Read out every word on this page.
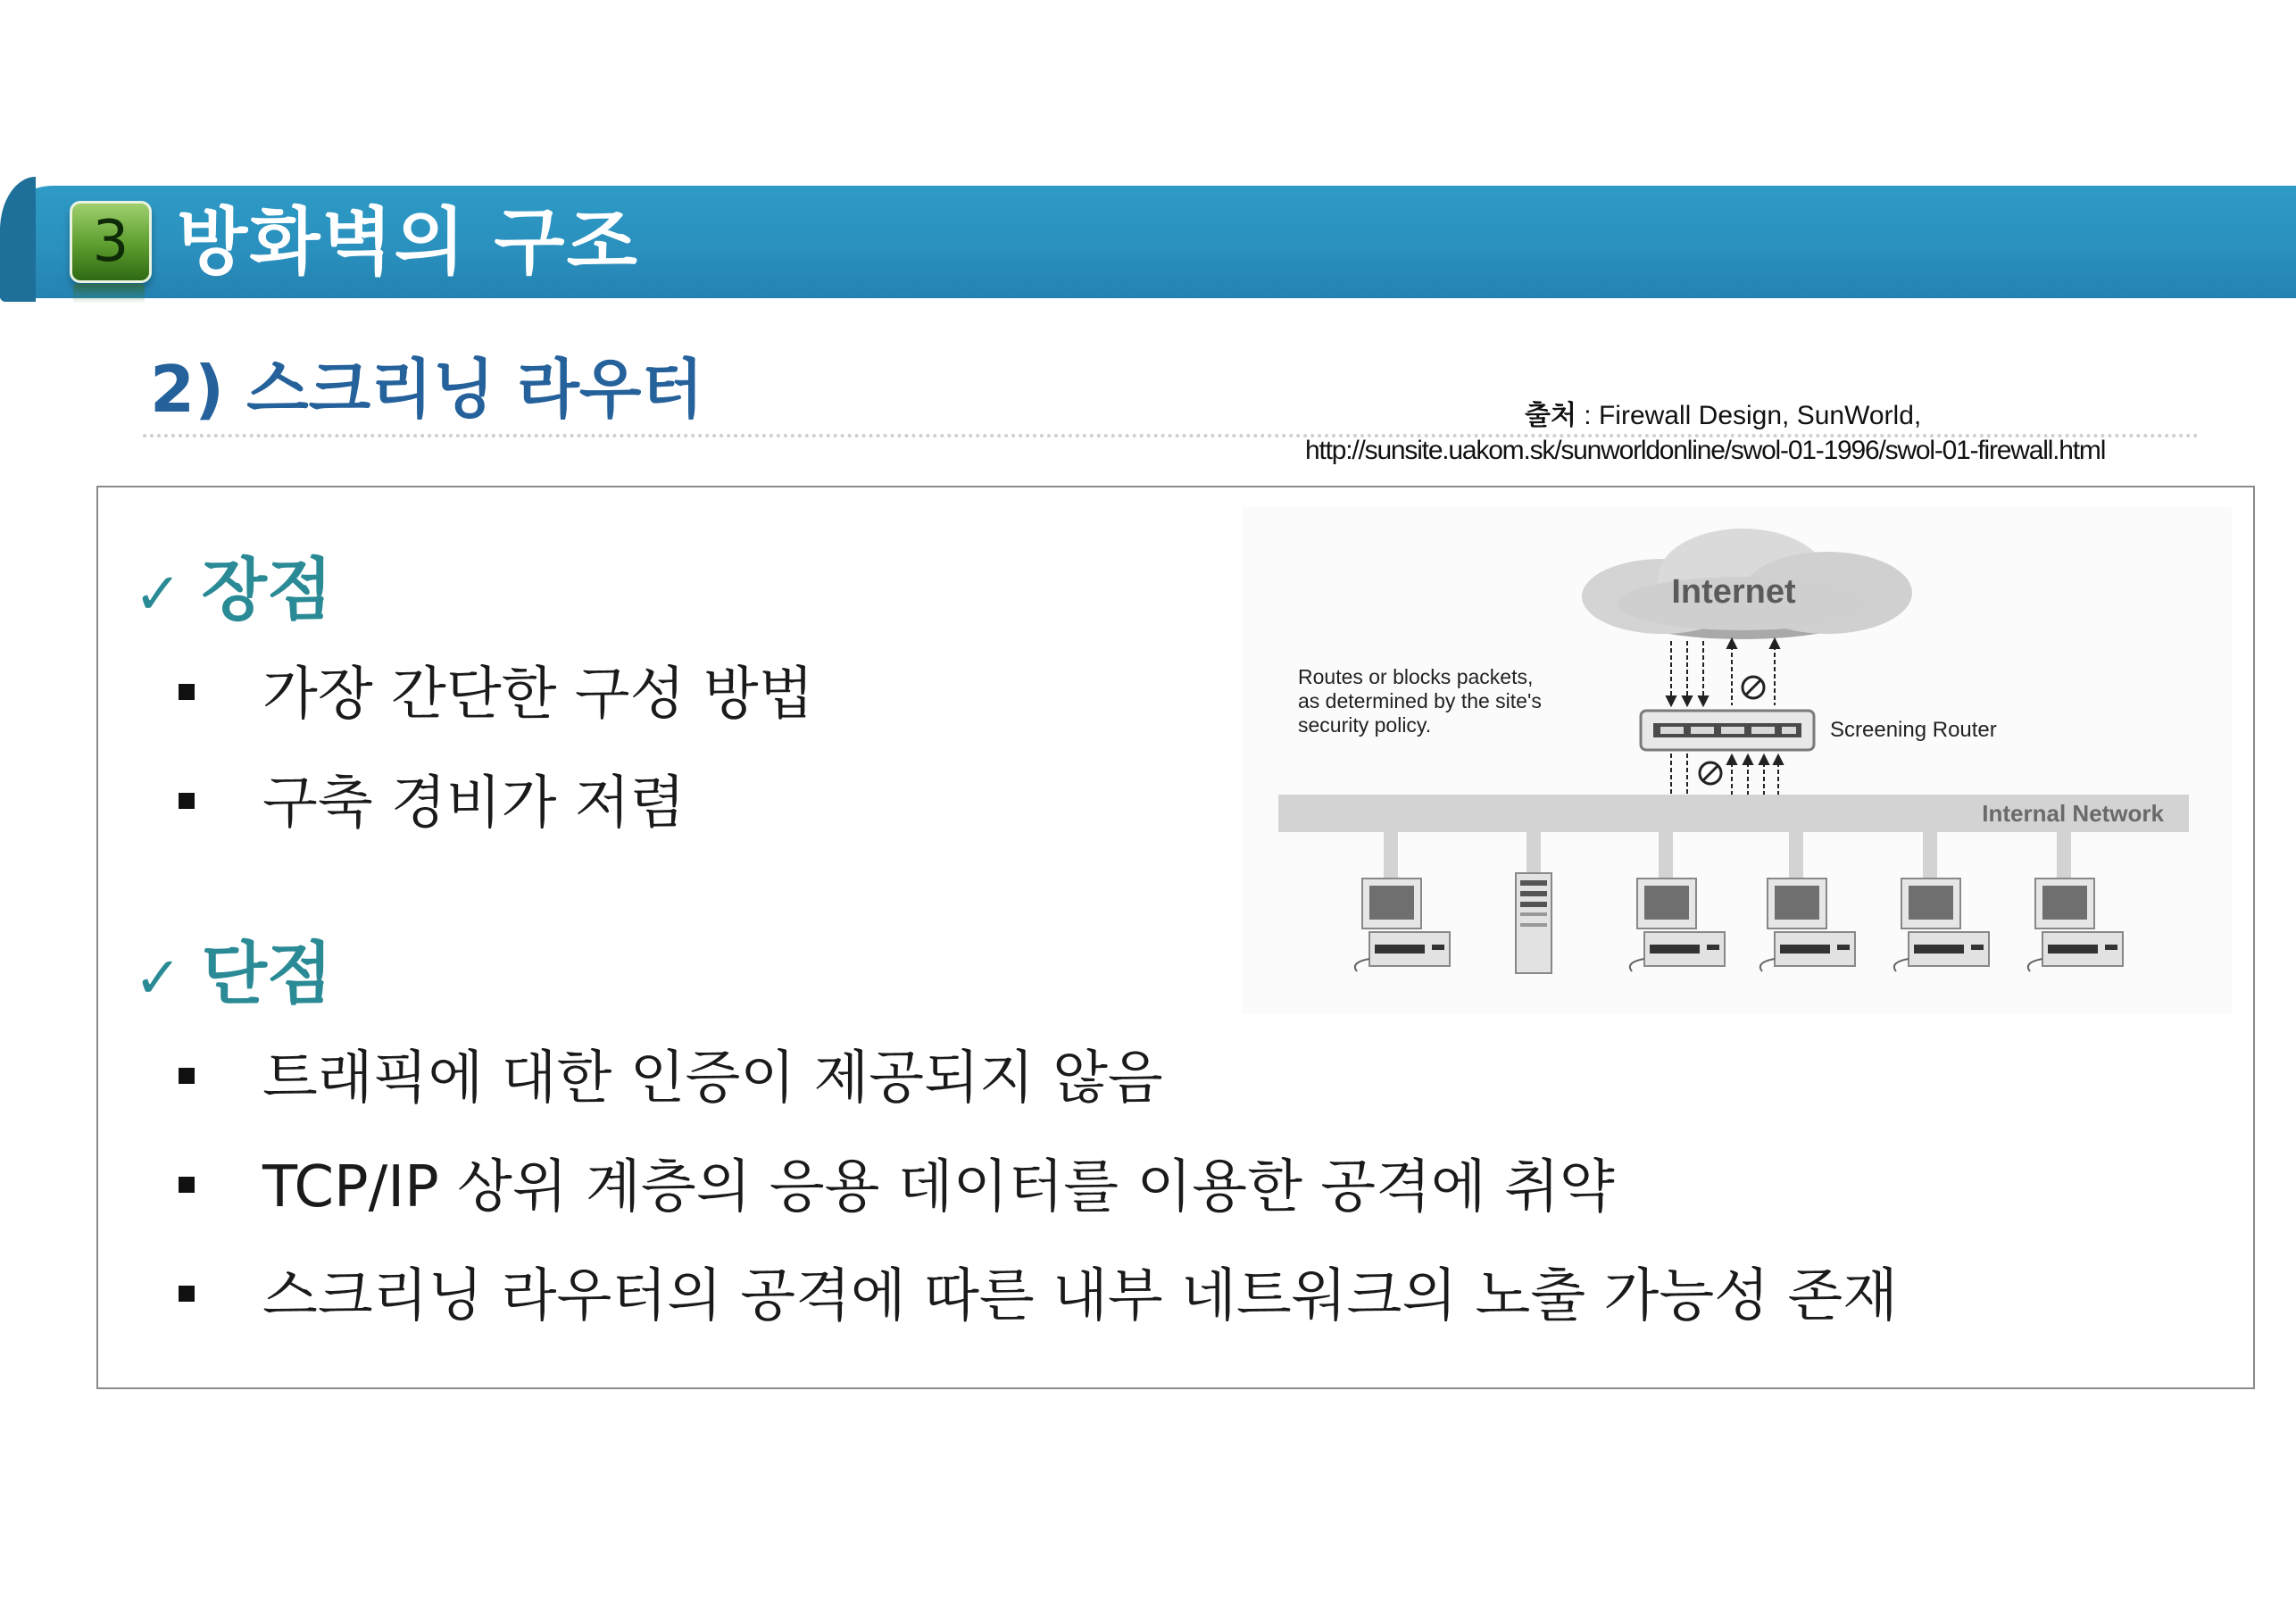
3 방화벽의 구조
2) 스크리닝 라우터	출처 : Firewall Design, SunWorld,
http://sunsite.uakom.sk/sunworldonline/swol-01-1996/swol-01-firewall.html
✓ 장점
가장 간단한 구성 방법
구축 경비가 저렴
✓ 단점
트래픽에 대한 인증이 제공되지 않음
TCP/IP 상위 계층의 응용 데이터를 이용한 공격에 취약
스크리닝 라우터의 공격에 따른 내부 네트워크의 노출 가능성 존재
Internet
Screening Router
Routes or blocks packets, as determined by the site's security policy.
Internal Network
